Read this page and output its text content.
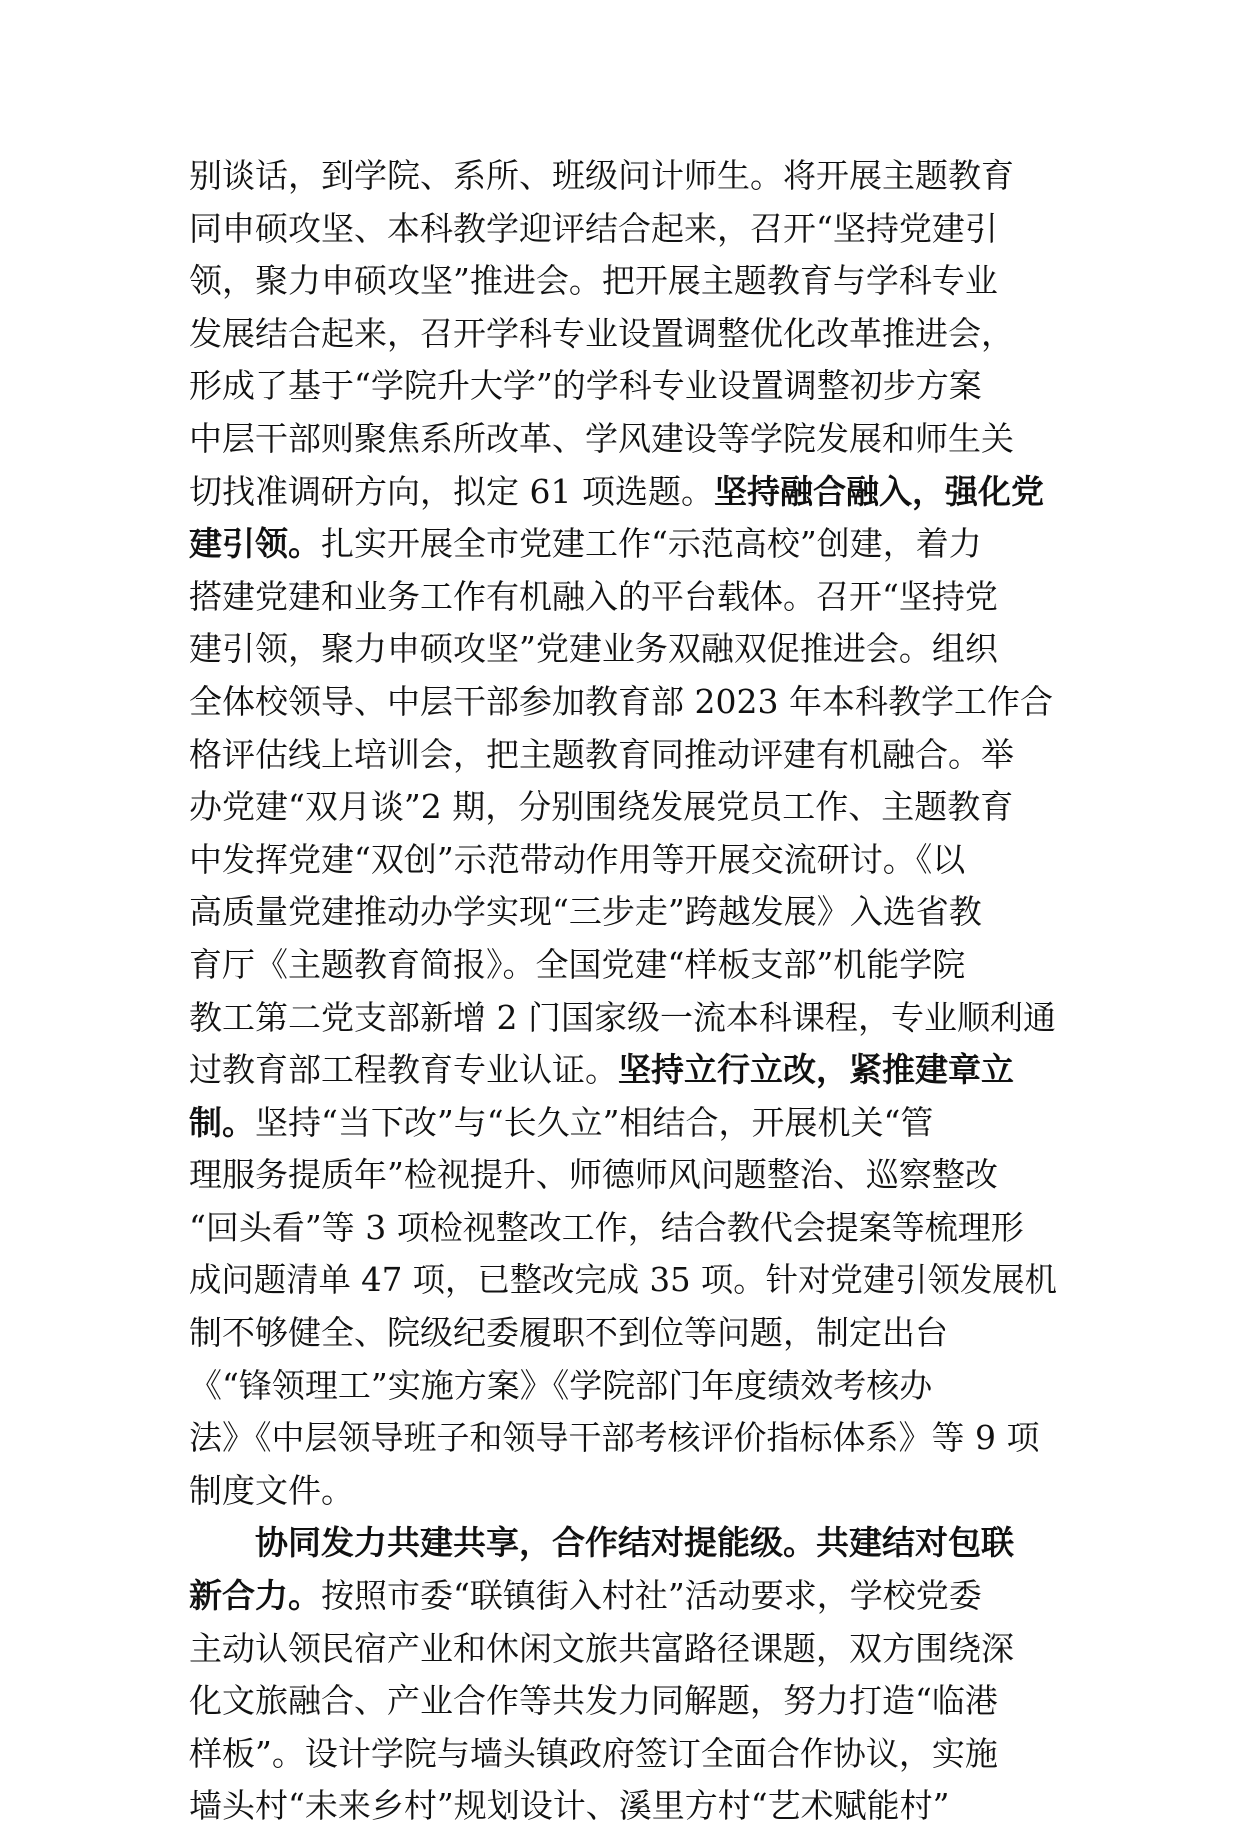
别谈话，到学院、系所、班级问计师生。将开展主题教育
同申硕攻坚、本科教学迎评结合起来，召开“坚持党建引
领，聚力申硕攻坚”推进会。把开展主题教育与学科专业
发展结合起来，召开学科专业设置调整优化改革推进会，
形成了基于“学院升大学”的学科专业设置调整初步方案
中层干部则聚焦系所改革、学风建设等学院发展和师生关
切找准调研方向，拟定 61 项选题。坚持融合融入，强化党
建引领。扎实开展全市党建工作“示范高校”创建，着力
搭建党建和业务工作有机融入的平台载体。召开“坚持党
建引领，聚力申硕攻坚”党建业务双融双促推进会。组织
全体校领导、中层干部参加教育部 2023 年本科教学工作合
格评估线上培训会，把主题教育同推动评建有机融合。举
办党建“双月谈”2 期，分别围绕发展党员工作、主题教育
中发挥党建“双创”示范带动作用等开展交流研讨。《以
高质量党建推动办学实现“三步走”跨越发展》入选省教
育厅《主题教育简报》。全国党建“样板支部”机能学院
教工第二党支部新增 2 门国家级一流本科课程，专业顺利通
过教育部工程教育专业认证。坚持立行立改，紧推建章立
制。坚持“当下改”与“长久立”相结合，开展机关“管
理服务提质年”检视提升、师德师风问题整治、巡察整改
“回头看”等 3 项检视整改工作，结合教代会提案等梳理形
成问题清单 47 项，已整改完成 35 项。针对党建引领发展机
制不够健全、院级纪委履职不到位等问题，制定出台
《“锋领理工”实施方案》《学院部门年度绩效考核办
法》《中层领导班子和领导干部考核评价指标体系》等 9 项
制度文件。
协同发力共建共享，合作结对提能级。共建结对包联
新合力。按照市委“联镇街入村社”活动要求，学校党委
主动认领民宿产业和休闲文旅共富路径课题，双方围绕深
化文旅融合、产业合作等共发力同解题，努力打造“临港
样板”。设计学院与墙头镇政府签订全面合作协议，实施
墙头村“未来乡村”规划设计、溪里方村“艺术赋能村”
